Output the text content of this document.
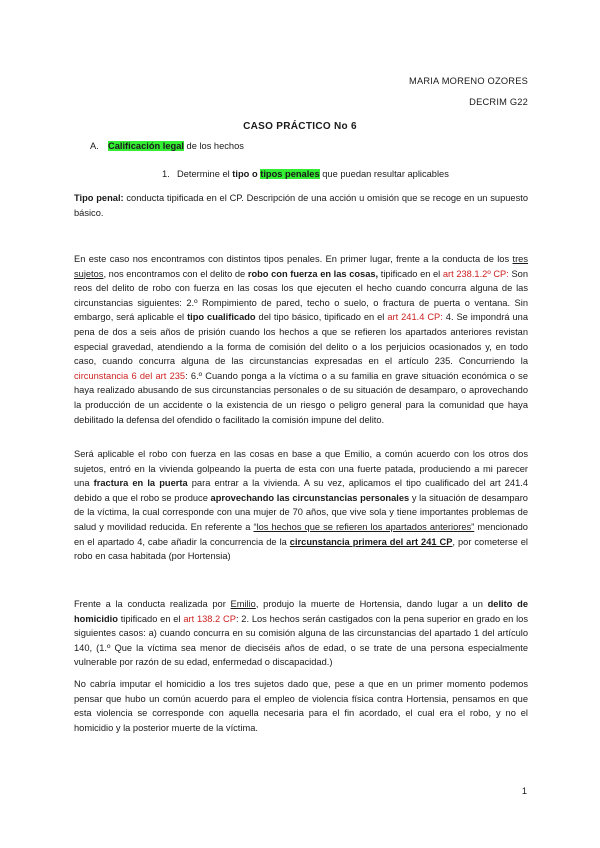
MARIA MORENO OZORES
DECRIM G22
CASO PRÁCTICO No 6
A. Calificación legal de los hechos
1. Determine el tipo o tipos penales que puedan resultar aplicables
Tipo penal: conducta tipificada en el CP. Descripción de una acción u omisión que se recoge en un supuesto básico.
En este caso nos encontramos con distintos tipos penales. En primer lugar, frente a la conducta de los tres sujetos, nos encontramos con el delito de robo con fuerza en las cosas, tipificado en el art 238.1.2º CP: Son reos del delito de robo con fuerza en las cosas los que ejecuten el hecho cuando concurra alguna de las circunstancias siguientes: 2.º Rompimiento de pared, techo o suelo, o fractura de puerta o ventana. Sin embargo, será aplicable el tipo cualificado del tipo básico, tipificado en el art 241.4 CP: 4. Se impondrá una pena de dos a seis años de prisión cuando los hechos a que se refieren los apartados anteriores revistan especial gravedad, atendiendo a la forma de comisión del delito o a los perjuicios ocasionados y, en todo caso, cuando concurra alguna de las circunstancias expresadas en el artículo 235. Concurriendo la circunstancia 6 del art 235: 6.º Cuando ponga a la víctima o a su familia en grave situación económica o se haya realizado abusando de sus circunstancias personales o de su situación de desamparo, o aprovechando la producción de un accidente o la existencia de un riesgo o peligro general para la comunidad que haya debilitado la defensa del ofendido o facilitado la comisión impune del delito.
Será aplicable el robo con fuerza en las cosas en base a que Emilio, a común acuerdo con los otros dos sujetos, entró en la vivienda golpeando la puerta de esta con una fuerte patada, produciendo a mi parecer una fractura en la puerta para entrar a la vivienda. A su vez, aplicamos el tipo cualificado del art 241.4 debido a que el robo se produce aprovechando las circunstancias personales y la situación de desamparo de la víctima, la cual corresponde con una mujer de 70 años, que vive sola y tiene importantes problemas de salud y movilidad reducida. En referente a “los hechos que se refieren los apartados anteriores” mencionado en el apartado 4, cabe añadir la concurrencia de la circunstancia primera del art 241 CP, por cometerse el robo en casa habitada (por Hortensia)
Frente a la conducta realizada por Emilio, produjo la muerte de Hortensia, dando lugar a un delito de homicidio tipificado en el art 138.2 CP: 2. Los hechos serán castigados con la pena superior en grado en los siguientes casos: a) cuando concurra en su comisión alguna de las circunstancias del apartado 1 del artículo 140, (1.º Que la víctima sea menor de dieciséis años de edad, o se trate de una persona especialmente vulnerable por razón de su edad, enfermedad o discapacidad.)
No cabría imputar el homicidio a los tres sujetos dado que, pese a que en un primer momento podemos pensar que hubo un común acuerdo para el empleo de violencia física contra Hortensia, pensamos en que esta violencia se corresponde con aquella necesaria para el fin acordado, el cual era el robo, y no el homicidio y la posterior muerte de la víctima.
1
